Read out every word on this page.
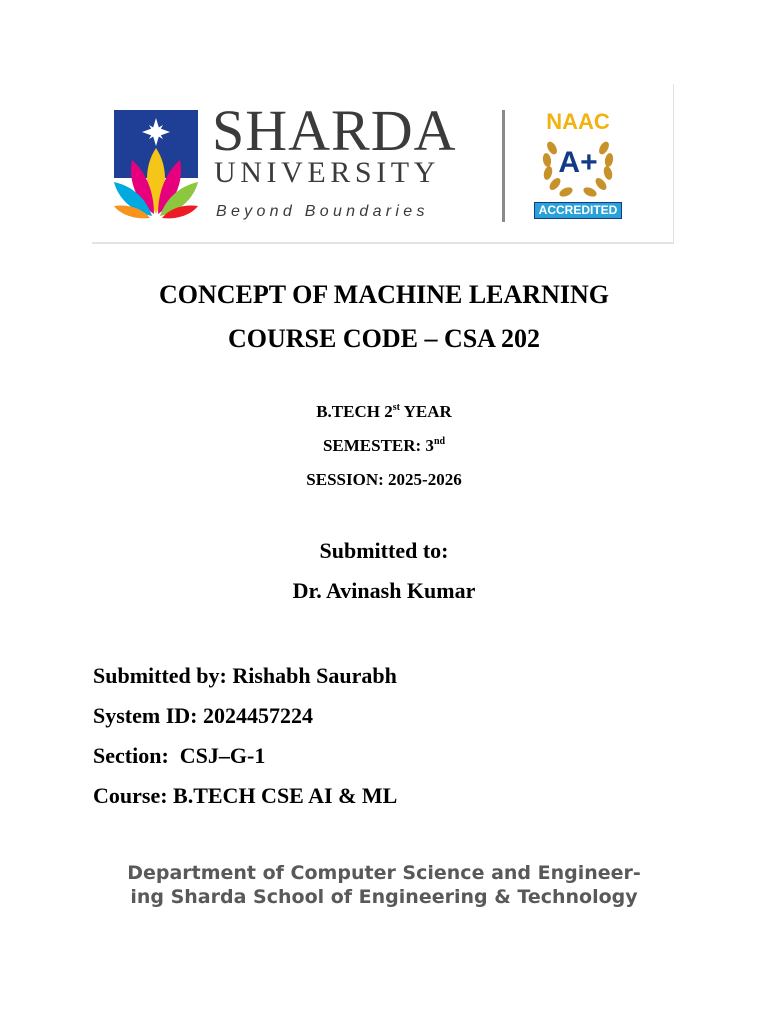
SHARDA
UNIVERSITY
Beyond Boundaries
NAAC
A+
ACCREDITED
CONCEPT OF MACHINE LEARNING
COURSE CODE – CSA 202
B.TECH 2st YEAR
SEMESTER: 3nd
SESSION: 2025-2026
Submitted to:
Dr. Avinash Kumar
Submitted by: Rishabh Saurabh
System ID: 2024457224
Section:  CSJ–G-1
Course: B.TECH CSE AI & ML
Department of Computer Science and Engineer-
ing Sharda School of Engineering & Technology
